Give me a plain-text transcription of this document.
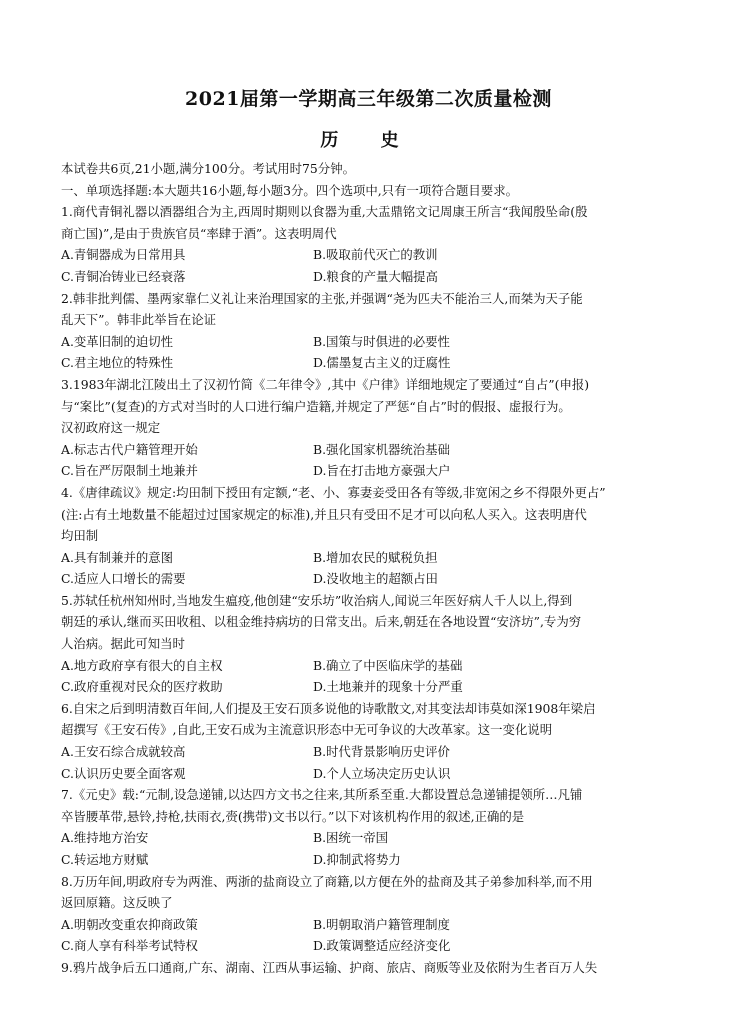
2021届第一学期高三年级第二次质量检测
历 史
本试卷共6页,21小题,满分100分。考试用时75分钟。
一、单项选择题:本大题共16小题,每小题3分。四个选项中,只有一项符合题目要求。
1.商代青铜礼器以酒器组合为主,西周时期则以食器为重,大盂鼎铭文记周康王所言“我闻殷坠命(殷
商亡国)”,是由于贵族官员“率肆于酒”。这表明周代
A.青铜器成为日常用具	B.吸取前代灭亡的教训
C.青铜冶铸业已经衰落	D.粮食的产量大幅提高
2.韩非批判儒、墨两家靠仁义礼让来治理国家的主张,并强调“尧为匹夫不能治三人,而桀为天子能
乱天下”。韩非此举旨在论证
A.变革旧制的迫切性	B.国策与时俱进的必要性
C.君主地位的特殊性	D.儒墨复古主义的迂腐性
3.1983年湖北江陵出土了汉初竹简《二年律令》,其中《户律》详细地规定了要通过“自占”(申报)
与“案比”(复查)的方式对当时的人口进行编户造籍,并规定了严惩“自占”时的假报、虚报行为。
汉初政府这一规定
A.标志古代户籍管理开始	B.强化国家机器统治基础
C.旨在严厉限制土地兼并	D.旨在打击地方豪强大户
4.《唐律疏议》规定:均田制下授田有定额,“老、小、寡妻妾受田各有等级,非宽闲之乡不得限外更占”
(注:占有土地数量不能超过过国家规定的标准),并且只有受田不足才可以向私人买入。这表明唐代
均田制
A.具有制兼并的意图	B.增加农民的赋税负担
C.适应人口增长的需要	D.没收地主的超额占田
5.苏轼任杭州知州时,当地发生瘟疫,他创建“安乐坊”收治病人,闻说三年医好病人千人以上,得到
朝廷的承认,继而买田收租、以租金维持病坊的日常支出。后来,朝廷在各地设置“安济坊”,专为穷
人治病。据此可知当时
A.地方政府享有很大的自主权	B.确立了中医临床学的基础
C.政府重视对民众的医疗救助	D.土地兼并的现象十分严重
6.自宋之后到明清数百年间,人们提及王安石顶多说他的诗歌散文,对其变法却讳莫如深1908年梁启
超撰写《王安石传》,自此,王安石成为主流意识形态中无可争议的大改革家。这一变化说明
A.王安石综合成就较高	B.时代背景影响历史评价
C.认识历史要全面客观	D.个人立场决定历史认识
7.《元史》载:“元制,设急递铺,以达四方文书之往来,其所系至重.大都设置总急递铺提领所…凡铺
卒皆腰革带,悬铃,持枪,扶雨衣,赍(携带)文书以行。”以下对该机构作用的叙述,正确的是
A.维持地方治安	B.困统一帝国
C.转运地方财赋	D.抑制武将势力
8.万历年间,明政府专为两淮、两浙的盐商设立了商籍,以方便在外的盐商及其子弟参加科举,而不用
返回原籍。这反映了
A.明朝改变重农抑商政策	B.明朝取消户籍管理制度
C.商人享有科举考试特权	D.政策调整适应经济变化
9.鸦片战争后五口通商,广东、湖南、江西从事运输、护商、旅店、商贩等业及依附为生者百万人失
